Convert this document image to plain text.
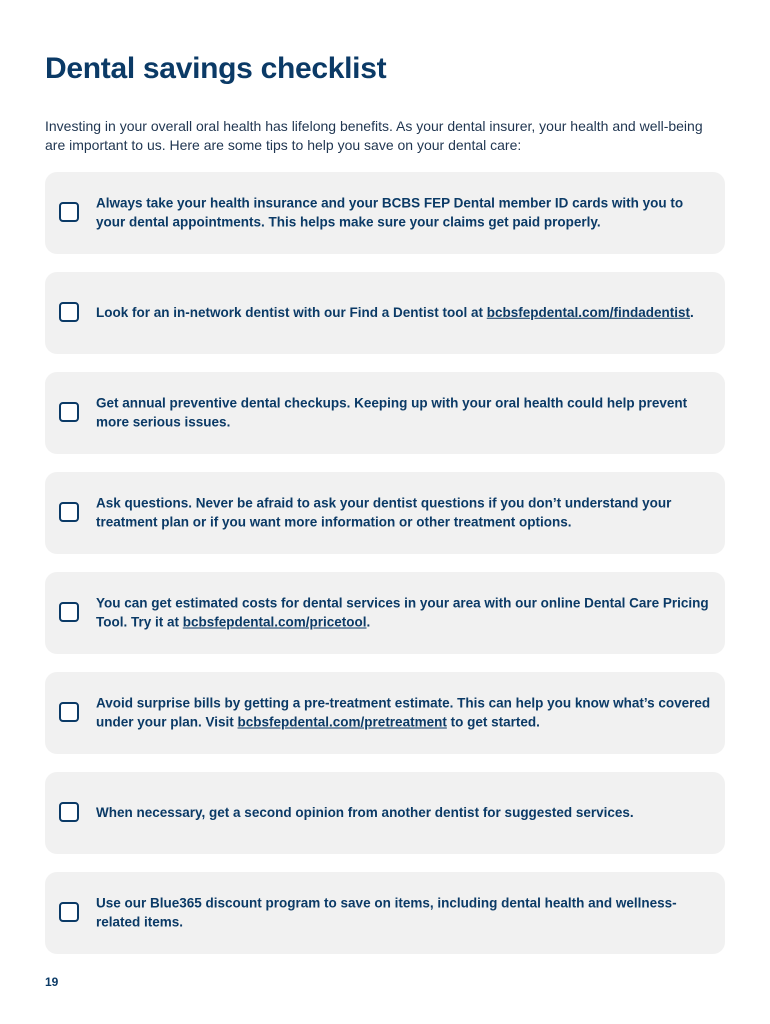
Dental savings checklist

Investing in your overall oral health has lifelong benefits. As your dental insurer, your health and well-being are important to us. Here are some tips to help you save on your dental care:

Always take your health insurance and your BCBS FEP Dental member ID cards with you to your dental appointments. This helps make sure your claims get paid properly.
Look for an in-network dentist with our Find a Dentist tool at bcbsfepdental.com/findadentist.
Get annual preventive dental checkups. Keeping up with your oral health could help prevent more serious issues.
Ask questions. Never be afraid to ask your dentist questions if you don’t understand your treatment plan or if you want more information or other treatment options.
You can get estimated costs for dental services in your area with our online Dental Care Pricing Tool. Try it at bcbsfepdental.com/pricetool.
Avoid surprise bills by getting a pre-treatment estimate. This can help you know what’s covered under your plan. Visit bcbsfepdental.com/pretreatment to get started.
When necessary, get a second opinion from another dentist for suggested services.
Use our Blue365 discount program to save on items, including dental health and wellness-related items.
19
